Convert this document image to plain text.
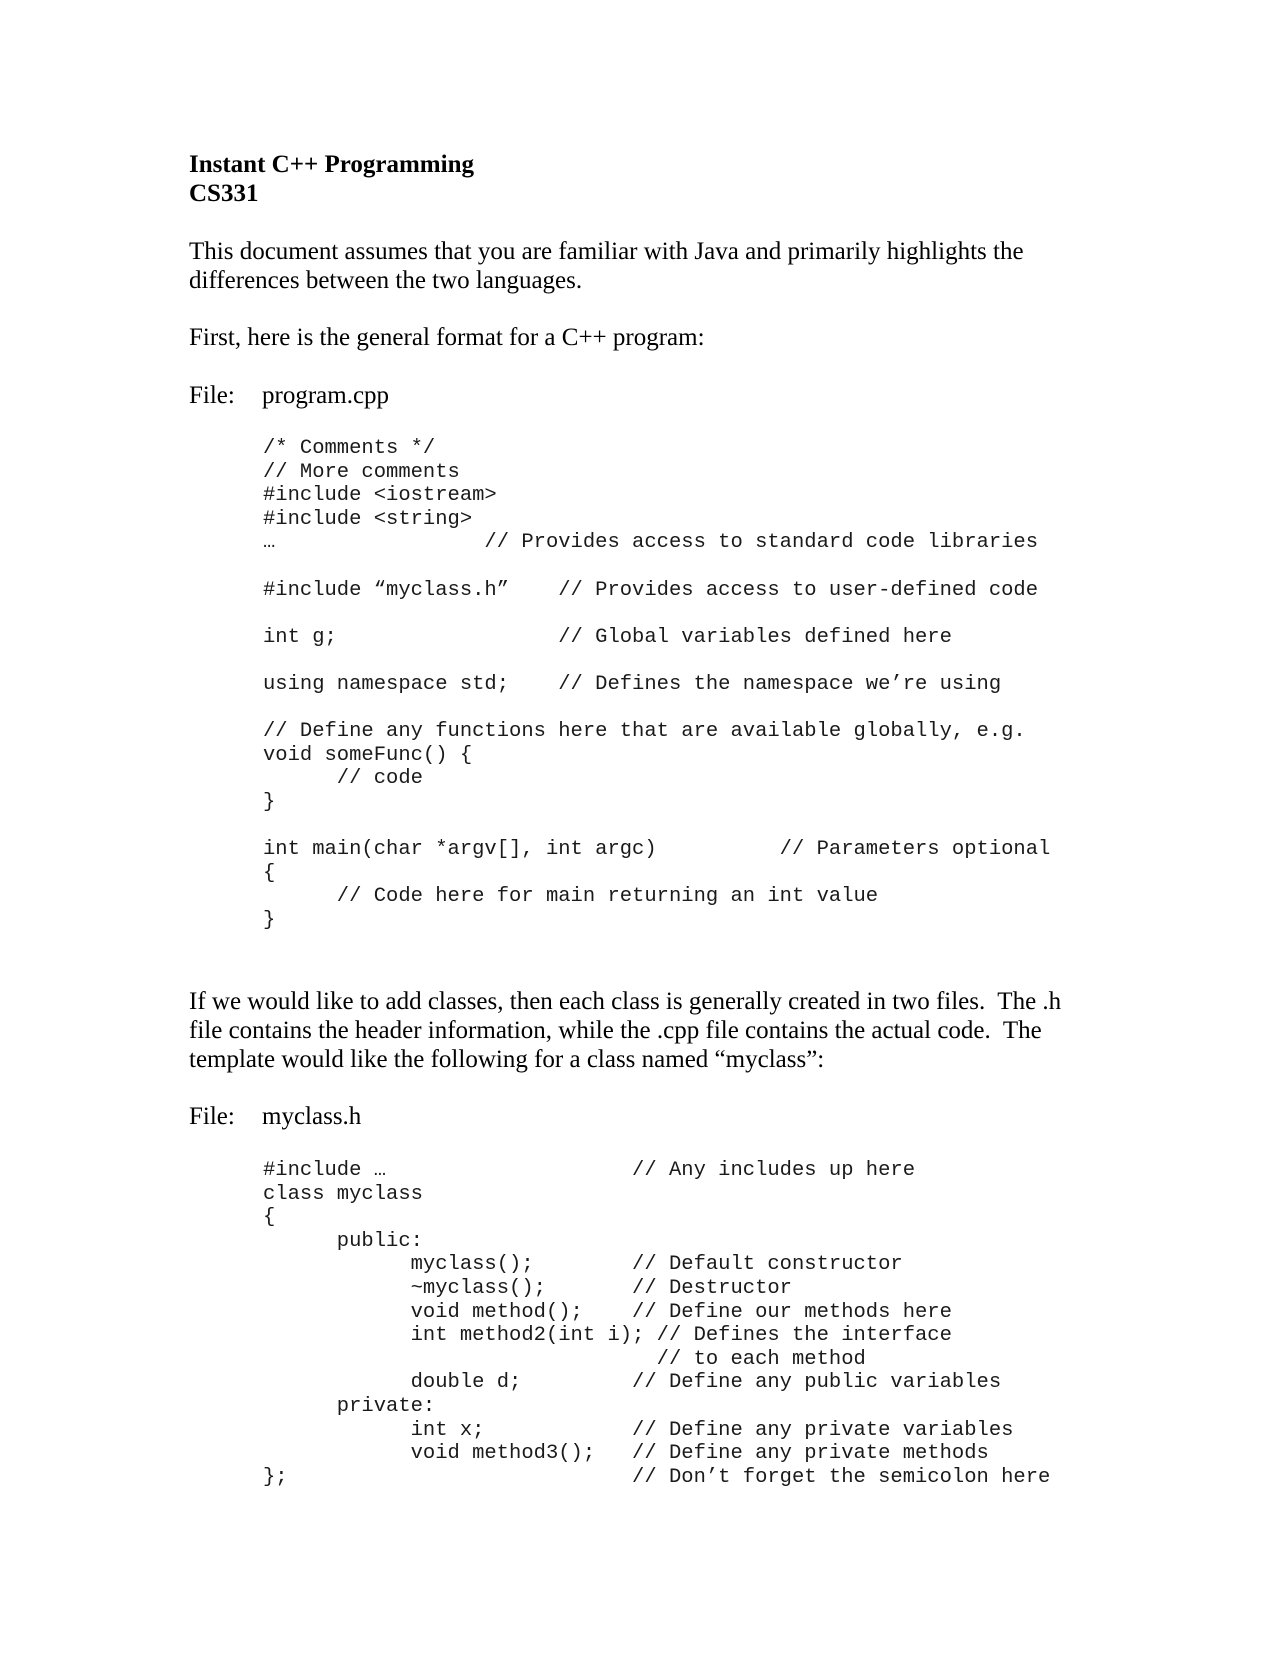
Instant C++ Programming
CS331
This document assumes that you are familiar with Java and primarily highlights the
differences between the two languages.
First, here is the general format for a C++ program:
File: program.cpp
/* Comments */
// More comments
#include <iostream>
#include <string>
…                 // Provides access to standard code libraries

#include “myclass.h”    // Provides access to user-defined code

int g;                  // Global variables defined here

using namespace std;    // Defines the namespace we’re using

// Define any functions here that are available globally, e.g.
void someFunc() {
// code
}

int main(char *argv[], int argc)          // Parameters optional
{
// Code here for main returning an int value
}
If we would like to add classes, then each class is generally created in two files.  The .h
file contains the header information, while the .cpp file contains the actual code.  The
template would like the following for a class named “myclass”:
File: myclass.h
#include …                    // Any includes up here
class myclass
{
public:
myclass();        // Default constructor
~myclass();       // Destructor
void method();    // Define our methods here
int method2(int i); // Defines the interface
// to each method
double d;         // Define any public variables
private:
int x;            // Define any private variables
void method3();   // Define any private methods
};                            // Don’t forget the semicolon here
